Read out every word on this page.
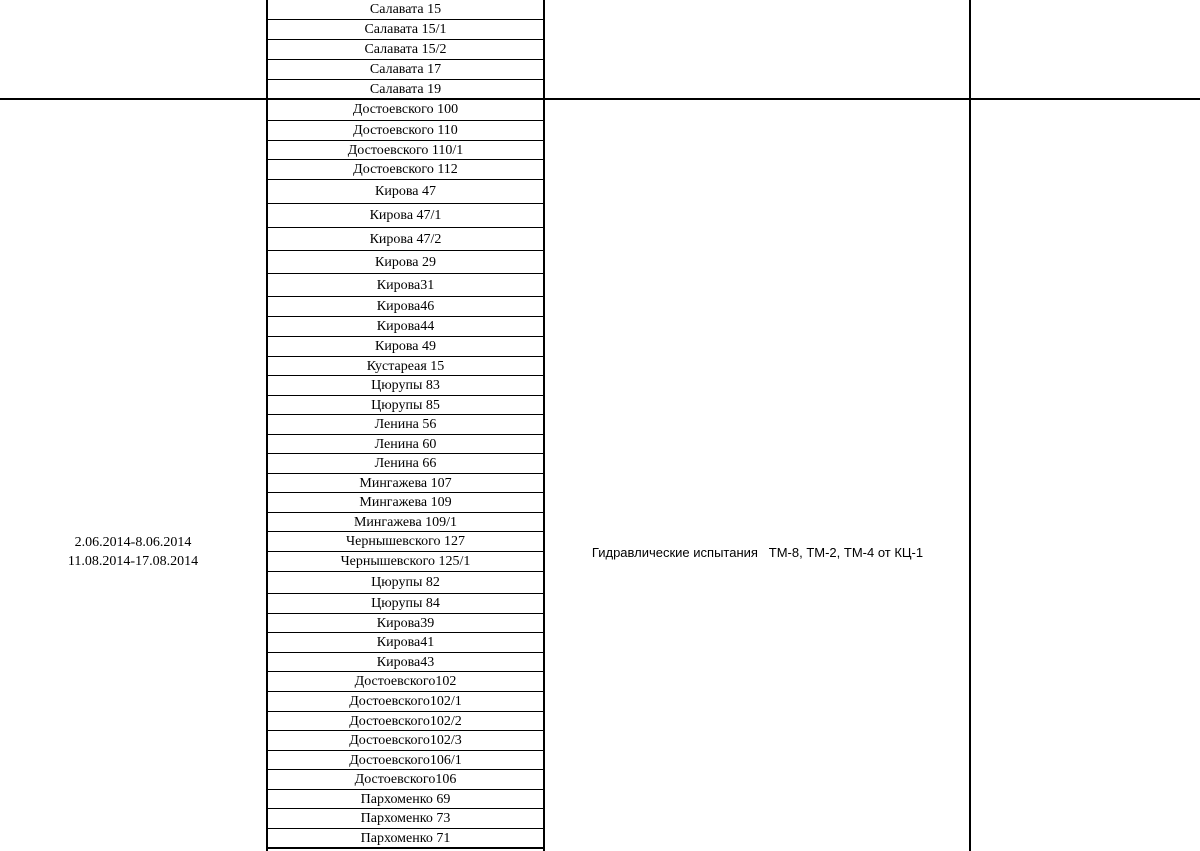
Салавата 15
Салавата 15/1
Салавата 15/2
Салавата 17
Салавата 19
Достоевского 100
Достоевского 110
Достоевского 110/1
Достоевского 112
Кирова 47
Кирова 47/1
Кирова 47/2
Кирова 29
Кирова31
Кирова46
Кирова44
Кирова 49
Кустареая 15
Цюрупы 83
Цюрупы 85
Ленина 56
Ленина 60
Ленина 66
Мингажева 107
Мингажева 109
Мингажева 109/1
Чернышевского 127
Чернышевского 125/1
Цюрупы 82
Цюрупы 84
Кирова39
Кирова41
Кирова43
Достоевского102
Достоевского102/1
Достоевского102/2
Достоевского102/3
Достоевского106/1
Достоевского106
Пархоменко 69
Пархоменко 73
Пархоменко 71
2.06.2014-8.06.2014
11.08.2014-17.08.2014
Гидравлические испытания   ТМ-8, ТМ-2, ТМ-4 от КЦ-1
